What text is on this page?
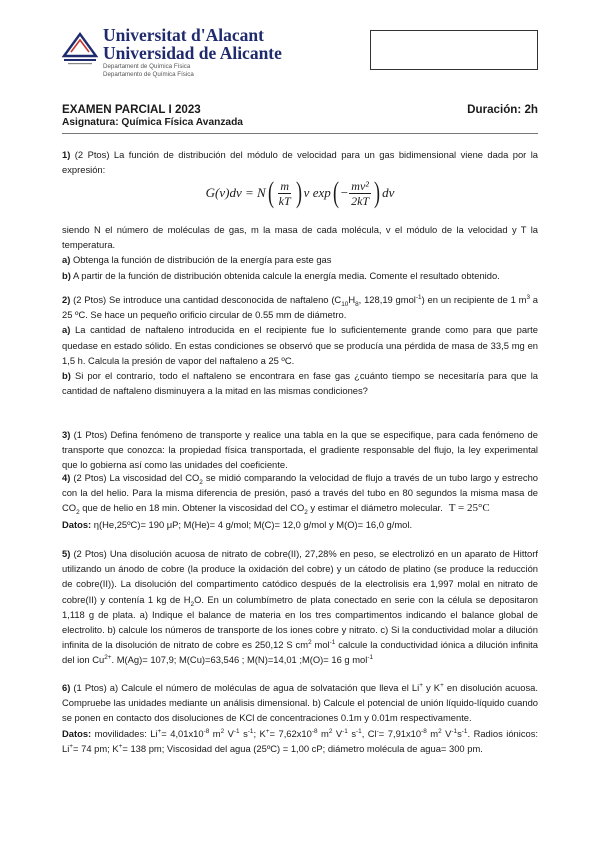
Universitat d'Alacant
Universidad de Alicante
Departament de Química Física
Departamento de Química Física
EXAMEN PARCIAL I 2023	Duración: 2h
Asignatura: Química Física Avanzada

1) (2 Ptos) La función de distribución del módulo de velocidad para un gas bidimensional viene dada por la expresión:

G(v)dv = N ( $\frac{m}{kT}$ ) v exp ( − $\frac{\text{mv²}}{2kT}$ ) dv

siendo N el número de moléculas de gas, m la masa de cada molécula, v el módulo de la velocidad y T la temperatura.

a) Obtenga la función de distribución de la energía para este gas

b) A partir de la función de distribución obtenida calcule la energía media. Comente el resultado obtenido.

2) (2 Ptos) Se introduce una cantidad desconocida de naftaleno ($C_{10}H_8$, 128,19 gmol$^{-1}$) en un recipiente de 1 $m^3$ a 25 ºC. Se hace un pequeño orificio circular de 0.55 mm de diámetro.

a) La cantidad de naftaleno introducida en el recipiente fue lo suficientemente grande como para que parte quedase en estado sólido. En estas condiciones se observó que se producía una pérdida de masa de 33,5 mg en 1,5 h. Calcula la presión de vapor del naftaleno a 25 ºC.

b) Si por el contrario, todo el naftaleno se encontrara en fase gas ¿cuánto tiempo se necesitaría para que la cantidad de naftaleno disminuyera a la mitad en las mismas condiciones?

3) (1 Ptos) Defina fenómeno de transporte y realice una tabla en la que se especifique, para cada fenómeno de transporte que conozca: la propiedad física transportada, el gradiente responsable del flujo, la ley experimental que lo gobierna así como las unidades del coeficiente.

4) (2 Ptos) La viscosidad del $CO_2$ se midió comparando la velocidad de flujo a través de un tubo largo y estrecho con la del helio. Para la misma diferencia de presión, pasó a través del tubo en 80 segundos la misma masa de $CO_2$ que de helio en 18 min. Obtener la viscosidad del $CO_2$ y estimar el diámetro molecular. T = 25°C

Datos: η(He,25ºC)= 190 μP; M(He)= 4 g/mol; M(C)= 12,0 g/mol y M(O)= 16,0 g/mol.

5) (2 Ptos) Una disolución acuosa de nitrato de cobre(II), 27,28% en peso, se electrolizó en un aparato de Hittorf utilizando un ánodo de cobre (la produce la oxidación del cobre) y un cátodo de platino (se produce la reducción de cobre(II)). La disolución del compartimento catódico después de la electrolisis era 1,997 molal en nitrato de cobre(II) y contenía 1 kg de $H_2O$. En un columbímetro de plata conectado en serie con la célula se depositaron 1,118 g de plata. a) Indique el balance de materia en los tres compartimentos indicando el balance global de electrolito. b) calcule los números de transporte de los iones cobre y nitrato. c) Si la conductividad molar a dilución infinita de la disolución de nitrato de cobre es 250,12 S $cm^2$ mol$^{-1}$ calcule la conductividad iónica a dilución infinita del ion $Cu^{2+}$. M(Ag)= 107,9; M(Cu)=63,546 ; M(N)=14,01 ;M(O)= 16 g mol$^{-1}$

6) (1 Ptos) a) Calcule el número de moléculas de agua de solvatación que lleva el Li+ y K+ en disolución acuosa. Compruebe las unidades mediante un análisis dimensional. b) Calcule el potencial de unión líquido-líquido cuando se ponen en contacto dos disoluciones de KCl de concentraciones 0.1m y 0.01m respectivamente.

Datos: movilidades: $Li^+= 4,01x10^{-8}$ $m^2$ $V^{-1}$ $s^{-1}$; $K^+= 7,62x10^{-8}$ $m^2$ $V^{-1}$ $s^{-1}$, $Cl^-= 7,91x10^{-8}$ $m^2$ $V^{-1}s^{-1}$. Radios iónicos: Li+= 74 pm; K+= 138 pm; Viscosidad del agua (25ºC) = 1,00 cP; diámetro molécula de agua= 300 pm.
